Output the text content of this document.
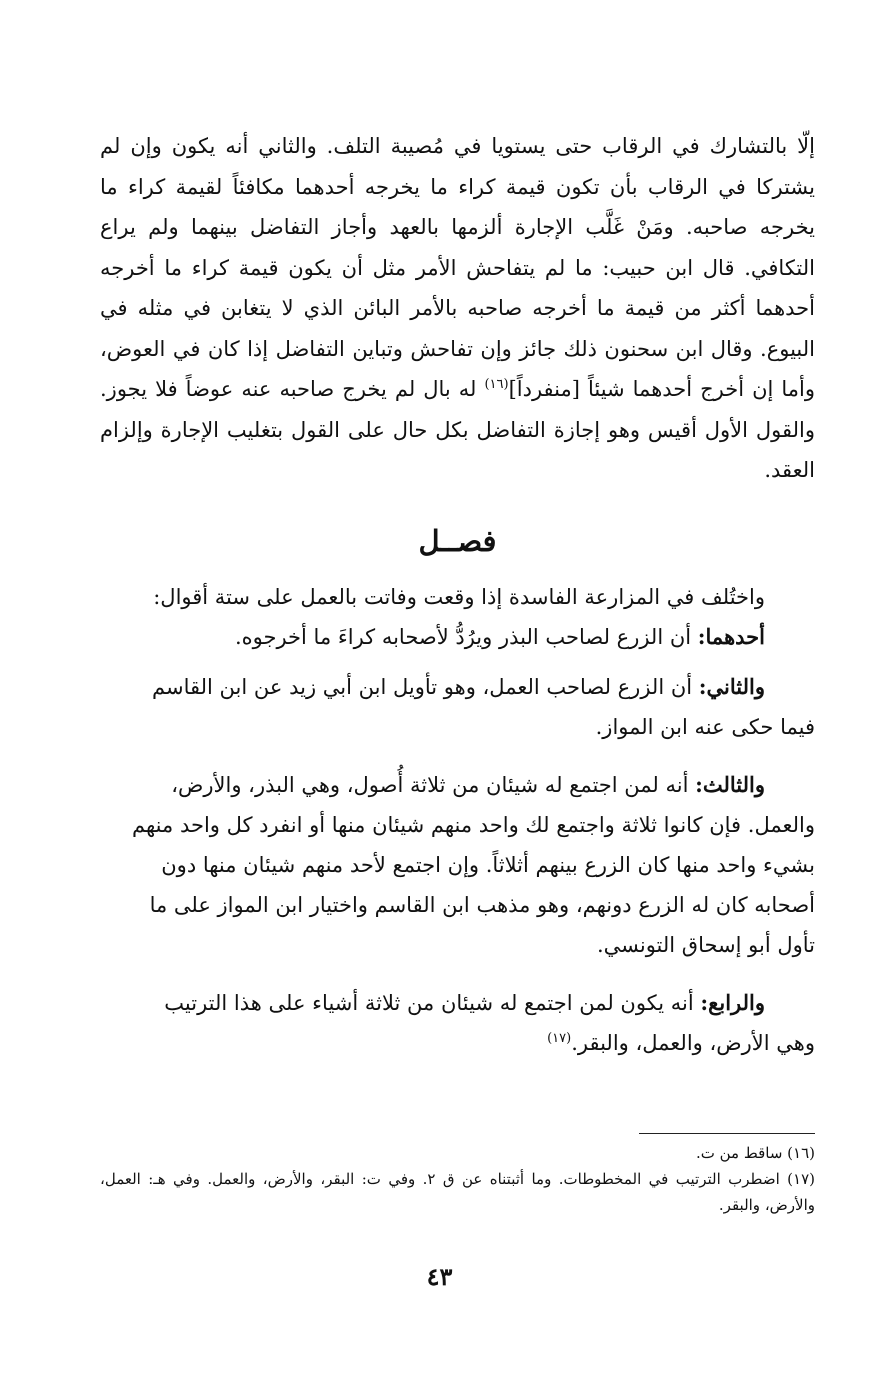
إلّا بالتشارك في الرقاب حتى يستويا في مُصيبة التلف. والثاني أنه يكون وإن لم يشتركا في الرقاب بأن تكون قيمة كراء ما يخرجه أحدهما مكافئاً لقيمة كراء ما يخرجه صاحبه. ومَنْ غَلَّب الإجارة ألزمها بالعهد وأجاز التفاضل بينهما ولم يراع التكافي. قال ابن حبيب: ما لم يتفاحش الأمر مثل أن يكون قيمة كراء ما أخرجه أحدهما أكثر من قيمة ما أخرجه صاحبه بالأمر البائن الذي لا يتغابن في مثله في البيوع. وقال ابن سحنون ذلك جائز وإن تفاحش وتباين التفاضل إذا كان في العوض، وأما إن أخرج أحدهما شيئاً [منفرداً]$^{(١٦)}$ له بال لم يخرج صاحبه عنه عوضاً فلا يجوز. والقول الأول أقيس وهو إجازة التفاضل بكل حال على القول بتغليب الإجارة وإلزام العقد.
فصــل

واختُلف في المزارعة الفاسدة إذا وقعت وفاتت بالعمل على ستة أقوال:

أحدهما: أن الزرع لصاحب البذر ويرُدُّ لأصحابه كراءَ ما أخرجوه.

والثاني: أن الزرع لصاحب العمل، وهو تأويل ابن أبي زيد عن ابن القاسم

فيما حكى عنه ابن المواز.

والثالث: أنه لمن اجتمع له شيئان من ثلاثة أُصول، وهي البذر، والأرض،

والعمل. فإن كانوا ثلاثة واجتمع لك واحد منهم شيئان منها أو انفرد كل واحد منهم

بشيء واحد منها كان الزرع بينهم أثلاثاً. وإن اجتمع لأحد منهم شيئان منها دون

أصحابه كان له الزرع دونهم، وهو مذهب ابن القاسم واختيار ابن المواز على ما

تأول أبو إسحاق التونسي.

والرابع: أنه يكون لمن اجتمع له شيئان من ثلاثة أشياء على هذا الترتيب

وهي الأرض، والعمل، والبقر.$^{(١٧)}$

(١٦) ساقط من ت.

(١٧) اضطرب الترتيب في المخطوطات. وما أثبتناه عن ق ٢. وفي ت: البقر، والأرض، والعمل. وفي هـ: العمل، والأرض، والبقر.

٤٣
